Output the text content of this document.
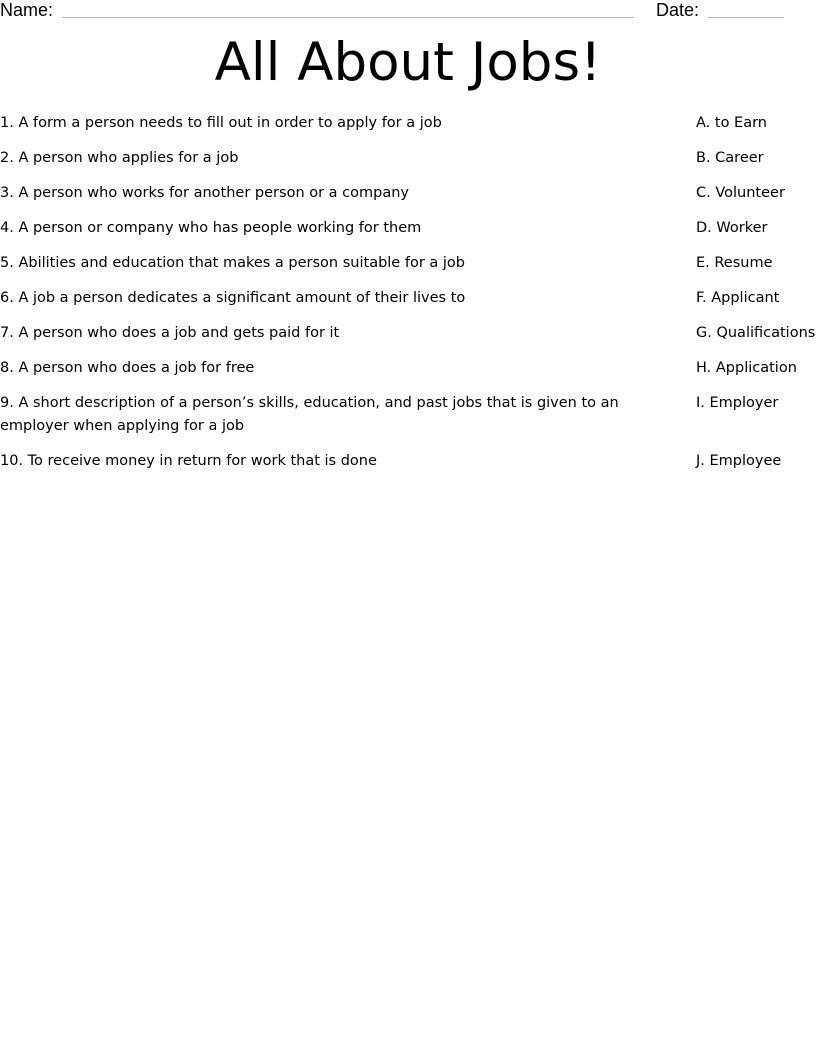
Name:	Date:
All About Jobs!
1. A form a person needs to fill out in order to apply for a job
2. A person who applies for a job
3. A person who works for another person or a company
4. A person or company who has people working for them
5. Abilities and education that makes a person suitable for a job
6. A job a person dedicates a significant amount of their lives to
7. A person who does a job and gets paid for it
8. A person who does a job for free
9. A short description of a person’s skills, education, and past jobs that is given to an employer when applying for a job
10. To receive money in return for work that is done
A. to Earn
B. Career
C. Volunteer
D. Worker
E. Resume
F. Applicant
G. Qualifications
H. Application
I. Employer
J. Employee
